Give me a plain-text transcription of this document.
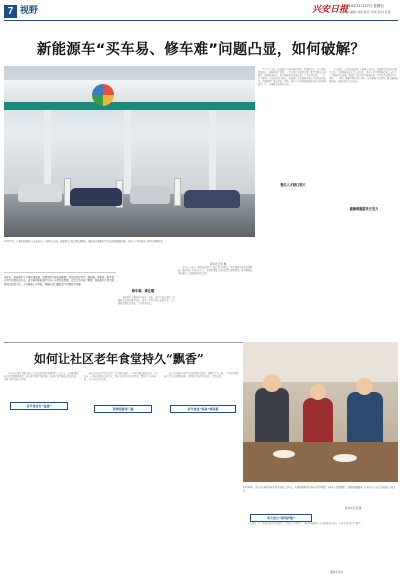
7 视野	兴安日报
2024年11月17日 星期日
责任编辑 刘某 版式 李某 校对 张某
新能源车“买车易、修车难”问题凸显，如何破解？
11月17日，在某地新能源汽车充电站内，车辆正在充电。新能源汽车保有量快速增长，维修保养服务能力不足的问题逐渐显现，业内人士呼吁加快完善售后服务体系。
新华社记者 摄
近年来，新能源汽车市场快速发展，消费者购车越来越便捷，但在使用过程中，维修难、维修贵、配件供应慢等问题日益突出，成为制约新能源汽车进一步普及的因素。记者走访多地了解到，新能源汽车售后服务网点数量不足，专业维修人才短缺，维修技术门槛较高等问题较为普遍。
修车难，难在哪
　　新能源汽车维修涉及电池、电机、电控等核心部件，对维修人员技术要求较高，部分车企售后网点布局不足，车主维修需要长途奔波，等待时间较长。
　　业内人士表示，随着新能源汽车保有量持续增长，售后服务需求将快速释放，维修保养市场潜力巨大。加快构建覆盖城乡的售后服务网络，推动维修技术标准化，是破解难题的关键。
　　不少车主反映，新能源汽车购买流程简单，优惠政策多，但车辆出现故障后，维修却成了难题。一些品牌门店数量有限，配件需要从外地调货，维修周期较长。部分维修项目价格偏高，车主负担较重。　　记者了解到，与传统燃油车相比，新能源汽车的维修需要专门的设备和技术，普通修理厂难以承接。同时，部分车企对维修数据和技术资料掌握较严，第三方维修企业难以获取。
售后人才缺口较大
　　专家建议，应加快新能源汽车维修人才培养，鼓励职业院校开设相关专业，完善维修技术信息公开制度，推动车企开放维修资料，支持第三方维修企业发展，形成多元化的售后服务格局，切实提升消费者用车体验。　　同时，要健全配件供应体系，缩短维修等待时间，规范维修收费标准，保障消费者合法权益。
破解难题需多方发力
如何让社区老年食堂持久“飘香”
　　社区老年食堂是解决老年人吃饭难问题的重要举措。近年来，多地积极探索社区助餐服务模式，老年食堂数量不断增加，但部分食堂面临运营成本高、就餐人数不稳定等问题。
老年食堂有“温度”
　　如何让老年食堂持续运营？记者调查发现，一些地方通过政府补贴、社会参与、市场运作相结合的方式，探索出可持续的经营模式，既保证了饭菜质量，又让老人吃得实惠。
持续经营有门道
　　老人们普遍希望食堂菜品能够经常更新，兼顾营养与口味。一些食堂根据老人需求定期调整菜单，提供软烂易消化的菜品，受到欢迎。
老年食堂“菜单”要常新
11月16日，老人们在某社区老年食堂就餐。近年来，各地积极推进社区老年食堂建设，为老年人提供便捷、实惠的助餐服务，让老年人在家门口就能吃上热乎饭。
新华社记者 摄
多方发力“保驾护航”
　　专家建议，应完善老年食堂扶持政策，引导社会力量参与，推动助餐服务与养老服务深度融合，让老年食堂持久“飘香”。
据新华社电
